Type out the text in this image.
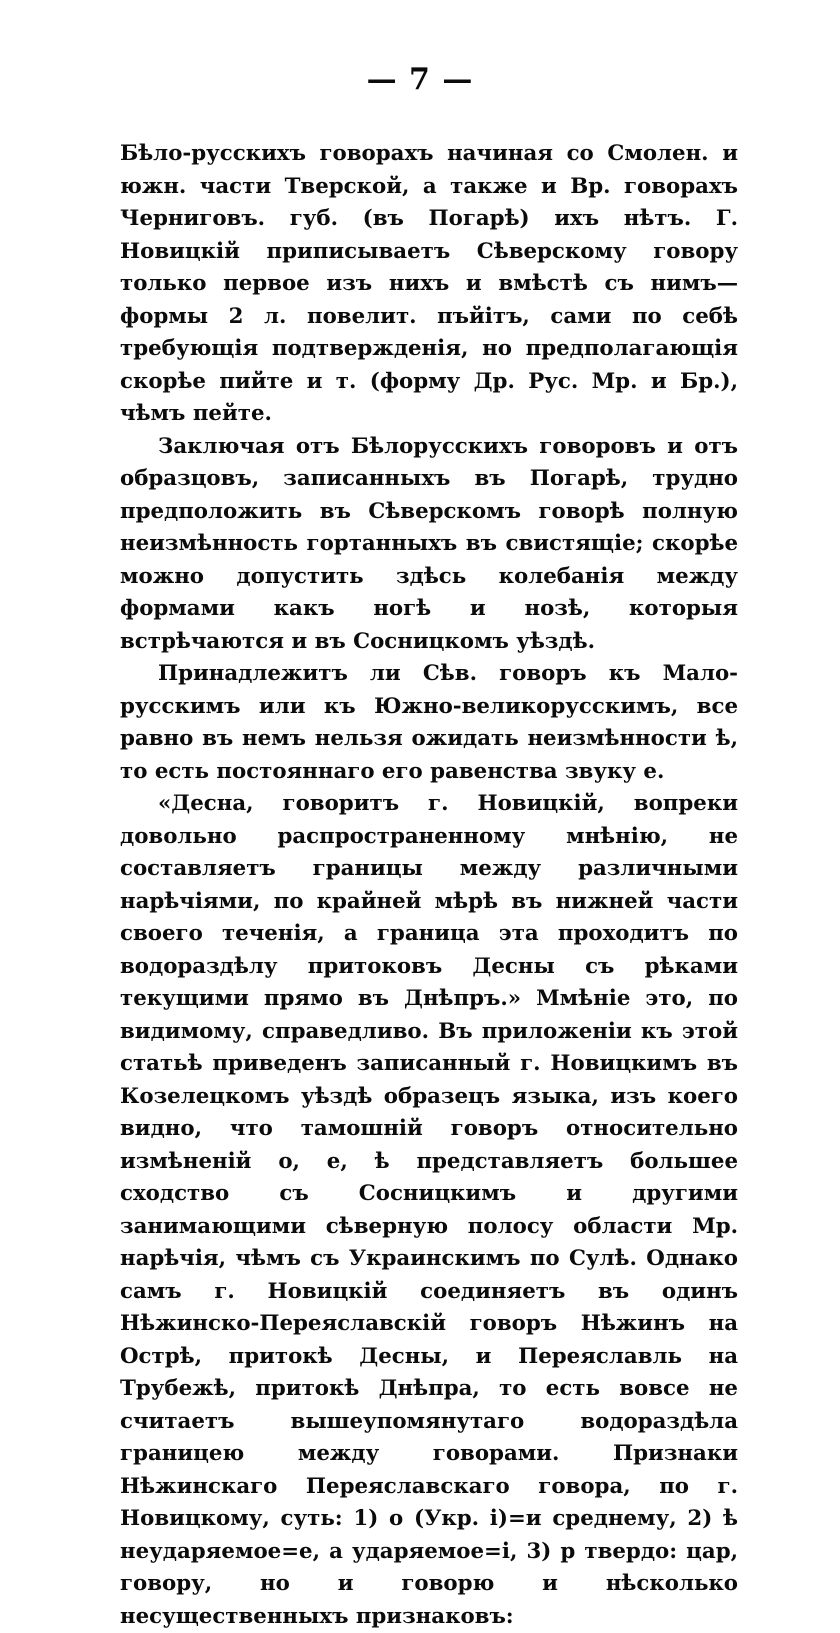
— 7 —

Бѣло-русскихъ говорахъ начиная со Смолен. и южн. части Тверской, а также и Вр. говорахъ Черниговъ. губ. (въ Погарѣ) ихъ нѣтъ. Г. Новицкій приписываетъ Сѣверскому говору только первое изъ нихъ и вмѣстѣ съ нимъ—формы 2 л. повелит. пъйітъ, сами по себѣ требующія подтвержденія, но предполагающія скорѣе пийте и т. (форму Др. Рус. Мр. и Бр.), чѣмъ пейте.

Заключая отъ Бѣлорусскихъ говоровъ и отъ образцовъ, записанныхъ въ Погарѣ, трудно предположить въ Сѣверскомъ говорѣ полную неизмѣнность гортанныхъ въ свистящіе; скорѣе можно допустить здѣсь колебанія между формами какъ ногѣ и нозѣ, которыя встрѣчаются и въ Сосницкомъ уѣздѣ.

Принадлежитъ ли Сѣв. говоръ къ Мало-русскимъ или къ Южно-великорусскимъ, все равно въ немъ нельзя ожидать неизмѣнности ѣ, то есть постояннаго его равенства звуку е.

«Десна, говоритъ г. Новицкій, вопреки довольно распространенному мнѣнію, не составляетъ границы между различными нарѣчіями, по крайней мѣрѣ въ нижней части своего теченія, а граница эта проходитъ по водораздѣлу притоковъ Десны съ рѣками текущими прямо въ Днѣпръ.» Ммѣніе это, по видимому, справедливо. Въ приложеніи къ этой статьѣ приведенъ записанный г. Новицкимъ въ Козелецкомъ уѣздѣ образецъ языка, изъ коего видно, что тамошній говоръ относительно измѣненій о, е, ѣ представляетъ большее сходство съ Сосницкимъ и другими занимающими сѣверную полосу области Мр. нарѣчія, чѣмъ съ Украинскимъ по Сулѣ. Однако самъ г. Новицкій соединяетъ въ одинъ Нѣжинско-Переяславскій говоръ Нѣжинъ на Острѣ, притокѣ Десны, и Переяславль на Трубежѣ, притокѣ Днѣпра, то есть вовсе не считаетъ вышеупомянутаго водораздѣла границею между говорами. Признаки Нѣжинскаго Переяславскаго говора, по г. Новицкому, суть: 1) о (Укр. і)=и среднему, 2) ѣ неударяемое=е, а ударяемое=і, 3) р твердо: цар, говору, но и говорю и нѣсколько несущественныхъ признаковъ:
